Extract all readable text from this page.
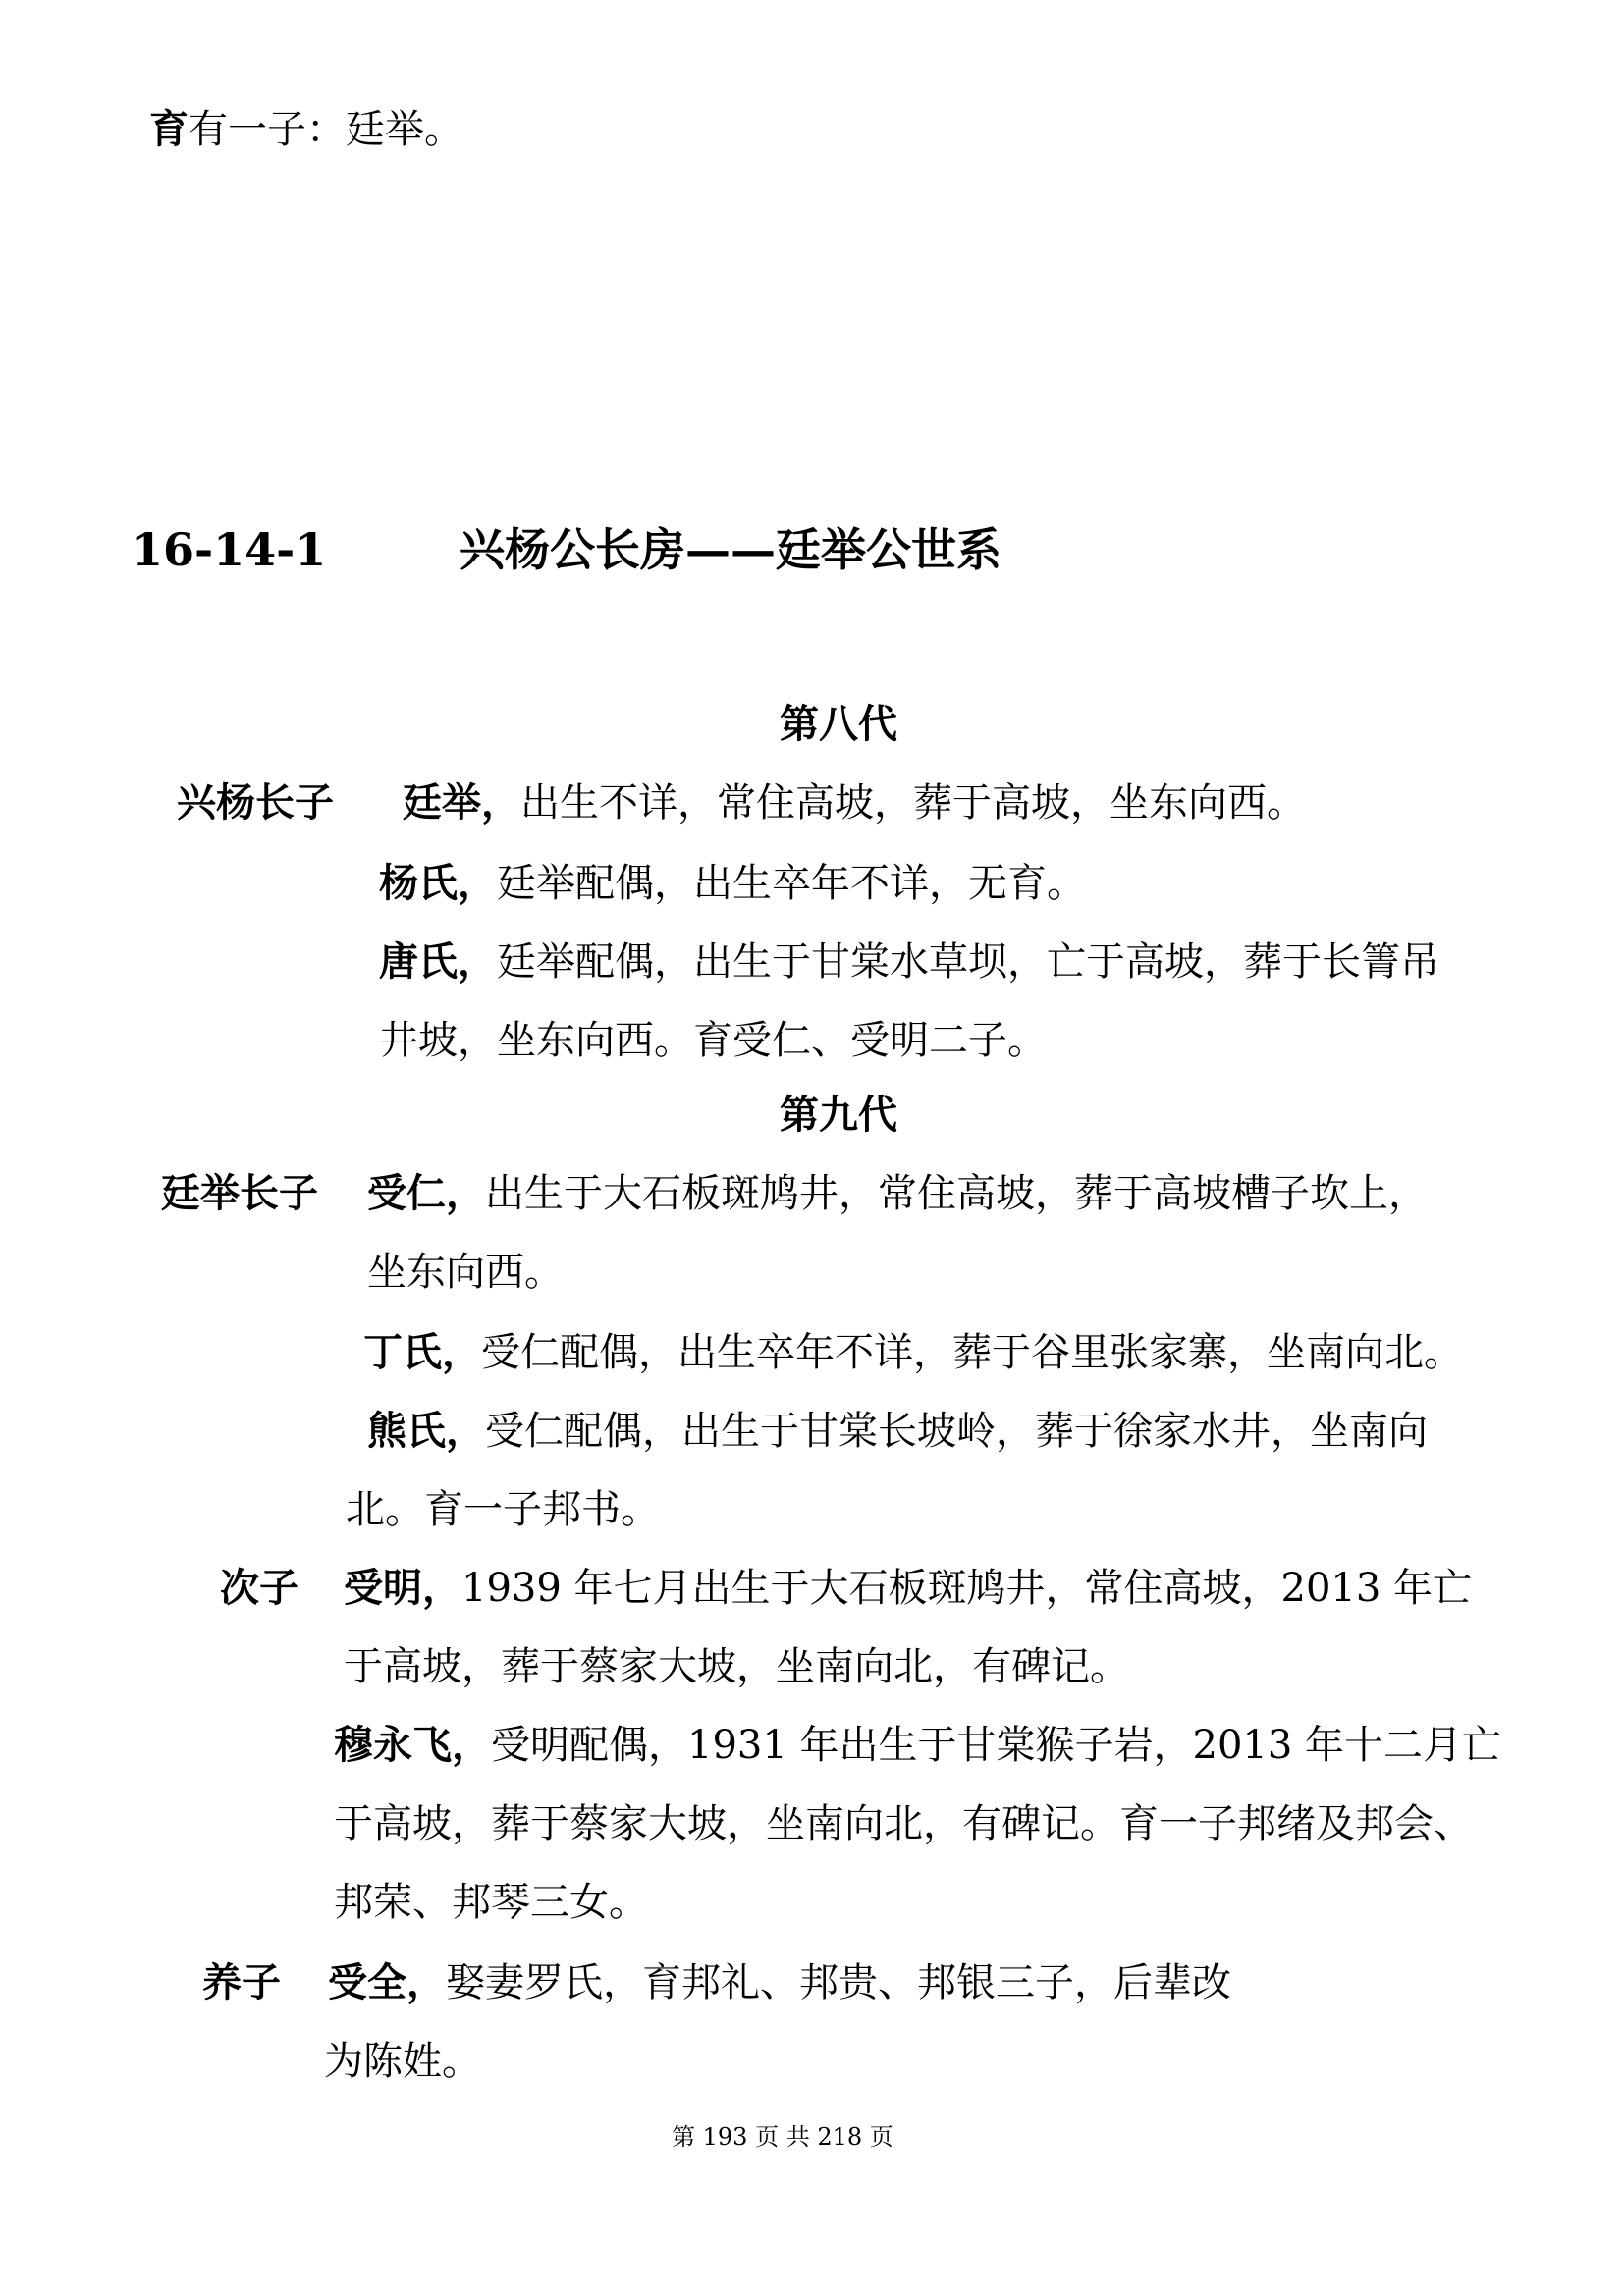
育有一子：廷举。
16-14-1	兴杨公长房——廷举公世系
第八代
兴杨长子 廷举，出生不详，常住高坡，葬于高坡，坐东向西。
杨氏，廷举配偶，出生卒年不详，无育。
唐氏，廷举配偶，出生于甘棠水草坝，亡于高坡，葬于长箐吊
井坡，坐东向西。育受仁、受明二子。
第九代
廷举长子 受仁，出生于大石板斑鸠井，常住高坡，葬于高坡槽子坎上，
坐东向西。
丁氏，受仁配偶，出生卒年不详，葬于谷里张家寨，坐南向北。
熊氏，受仁配偶，出生于甘棠长坡岭，葬于徐家水井，坐南向
北。育一子邦书。
次子 受明，1939 年七月出生于大石板斑鸠井，常住高坡，2013 年亡
于高坡，葬于蔡家大坡，坐南向北，有碑记。
穆永飞，受明配偶，1931 年出生于甘棠猴子岩，2013 年十二月亡
于高坡，葬于蔡家大坡，坐南向北，有碑记。育一子邦绪及邦会、
邦荣、邦琴三女。
养子 受全，娶妻罗氏，育邦礼、邦贵、邦银三子，后辈改
为陈姓。
第 193 页 共 218 页
